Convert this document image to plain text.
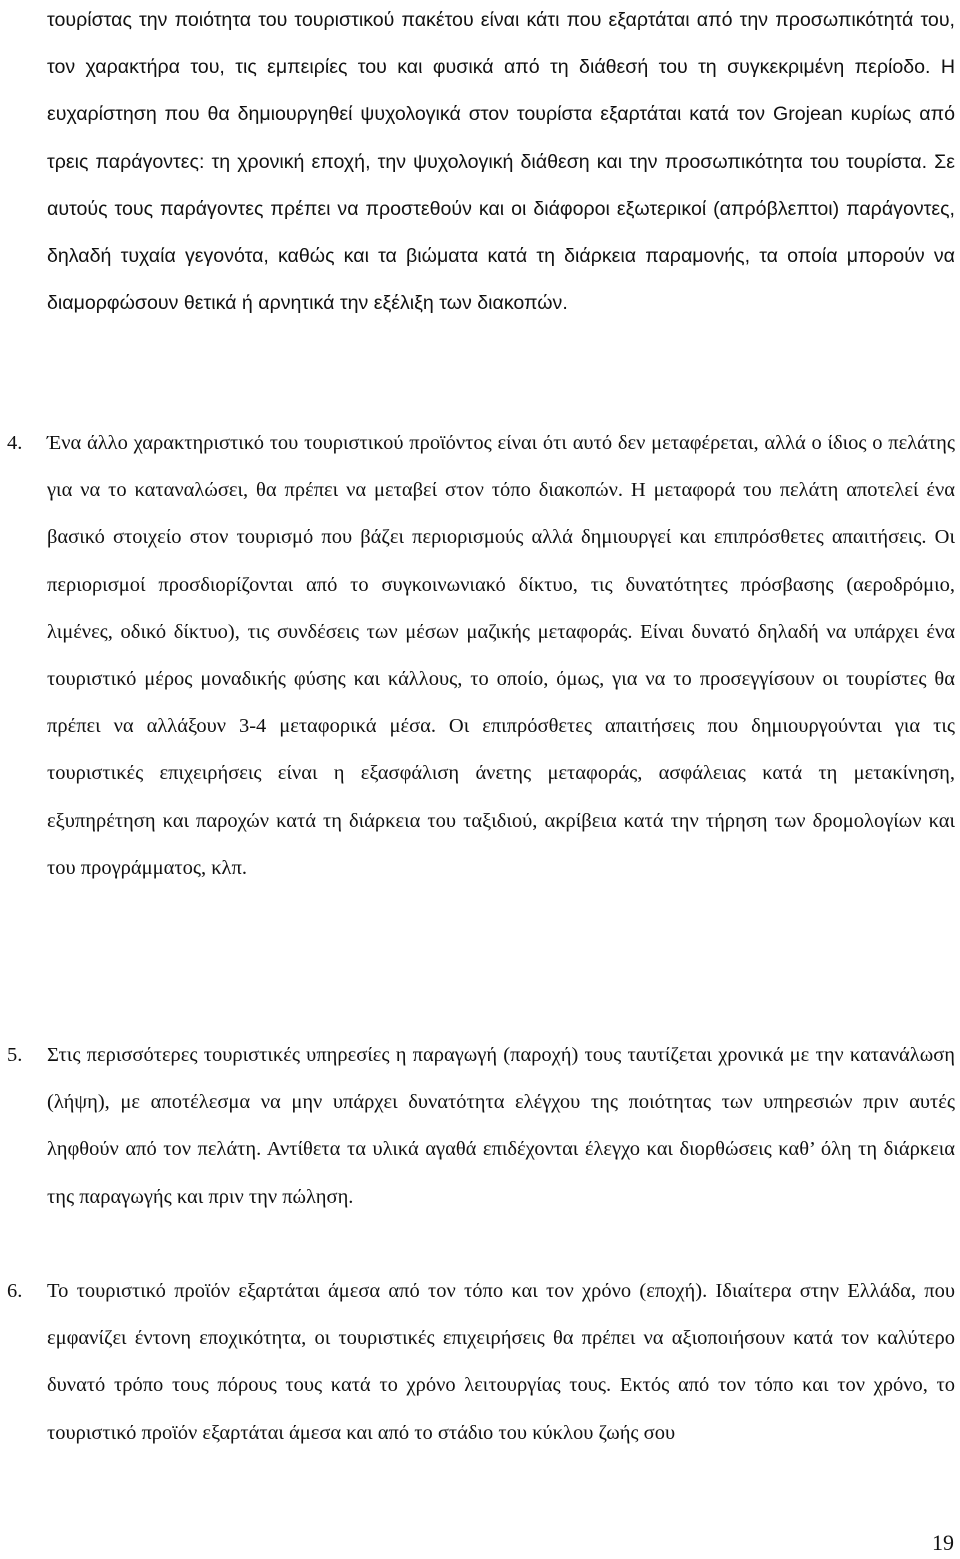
τουρίστας την ποιότητα του τουριστικού πακέτου είναι κάτι που εξαρτάται από την προσωπικότητά του, τον χαρακτήρα του, τις εμπειρίες του και φυσικά από τη διάθεσή του τη συγκεκριμένη περίοδο. Η ευχαρίστηση που θα δημιουργηθεί ψυχολογικά στον τουρίστα εξαρτάται κατά τον Grojean κυρίως από τρεις παράγοντες: τη χρονική εποχή, την ψυχολογική διάθεση και την προσωπικότητα του τουρίστα. Σε αυτούς τους παράγοντες πρέπει να προστεθούν και οι διάφοροι εξωτερικοί (απρόβλεπτοι) παράγοντες, δηλαδή τυχαία γεγονότα, καθώς και τα βιώματα κατά τη διάρκεια παραμονής, τα οποία μπορούν να διαμορφώσουν θετικά ή αρνητικά την εξέλιξη των διακοπών.

4. Ένα άλλο χαρακτηριστικό του τουριστικού προϊόντος είναι ότι αυτό δεν μεταφέρεται, αλλά ο ίδιος ο πελάτης για να το καταναλώσει, θα πρέπει να μεταβεί στον τόπο διακοπών. Η μεταφορά του πελάτη αποτελεί ένα βασικό στοιχείο στον τουρισμό που βάζει περιορισμούς αλλά δημιουργεί και επιπρόσθετες απαιτήσεις. Οι περιορισμοί προσδιορίζονται από το συγκοινωνιακό δίκτυο, τις δυνατότητες πρόσβασης (αεροδρόμιο, λιμένες, οδικό δίκτυο), τις συνδέσεις των μέσων μαζικής μεταφοράς. Είναι δυνατό δηλαδή να υπάρχει ένα τουριστικό μέρος μοναδικής φύσης και κάλλους, το οποίο, όμως, για να το προσεγγίσουν οι τουρίστες θα πρέπει να αλλάξουν 3-4 μεταφορικά μέσα. Οι επιπρόσθετες απαιτήσεις που δημιουργούνται για τις τουριστικές επιχειρήσεις είναι η εξασφάλιση άνετης μεταφοράς, ασφάλειας κατά τη μετακίνηση, εξυπηρέτηση και παροχών κατά τη διάρκεια του ταξιδιού, ακρίβεια κατά την τήρηση των δρομολογίων και του προγράμματος, κλπ.

5. Στις περισσότερες τουριστικές υπηρεσίες η παραγωγή (παροχή) τους ταυτίζεται χρονικά με την κατανάλωση (λήψη), με αποτέλεσμα να μην υπάρχει δυνατότητα ελέγχου της ποιότητας των υπηρεσιών πριν αυτές ληφθούν από τον πελάτη. Αντίθετα τα υλικά αγαθά επιδέχονται έλεγχο και διορθώσεις καθ’ όλη τη διάρκεια της παραγωγής και πριν την πώληση.

6. Το τουριστικό προϊόν εξαρτάται άμεσα από τον τόπο και τον χρόνο (εποχή). Ιδιαίτερα στην Ελλάδα, που εμφανίζει έντονη εποχικότητα, οι τουριστικές επιχειρήσεις θα πρέπει να αξιοποιήσουν κατά τον καλύτερο δυνατό τρόπο τους πόρους τους κατά το χρόνο λειτουργίας τους. Εκτός από τον τόπο και τον χρόνο, το τουριστικό προϊόν εξαρτάται άμεσα και από το στάδιο του κύκλου ζωής σου

19
